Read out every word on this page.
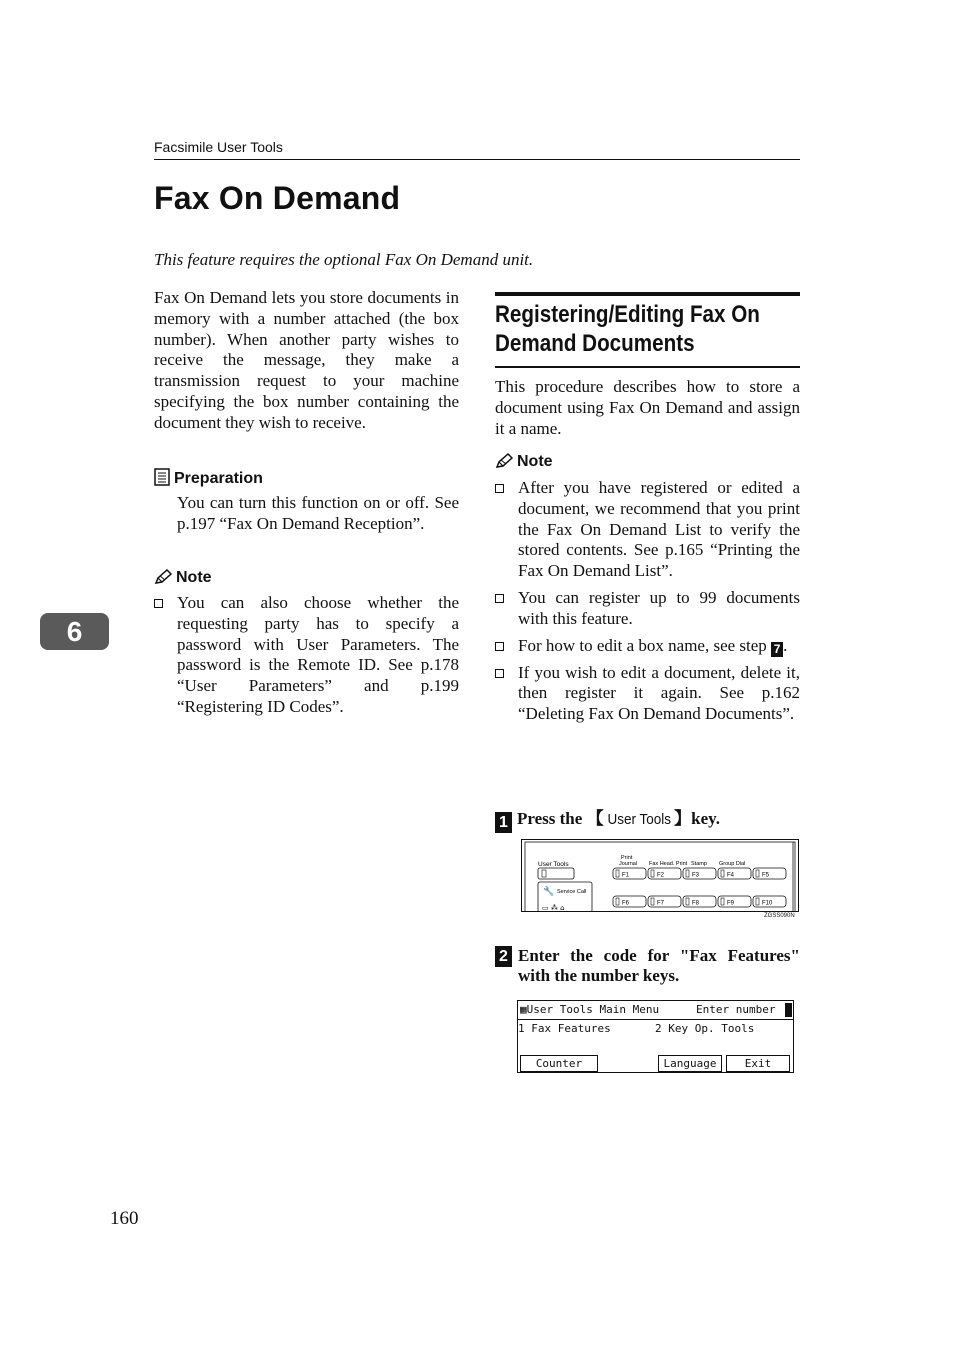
Facsimile User Tools
Fax On Demand
This feature requires the optional Fax On Demand unit.
Fax On Demand lets you store documents in memory with a number attached (the box number). When another party wishes to receive the message, they make a transmission request to your machine specifying the box number containing the document they wish to receive.
Preparation
You can turn this function on or off. See p.197 “Fax On Demand Reception”.
Note
You can also choose whether the requesting party has to specify a password with User Parameters. The password is the Remote ID. See p.178 “User Parameters” and p.199 “Registering ID Codes”.
Registering/Editing Fax On Demand Documents
This procedure describes how to store a document using Fax On Demand and assign it a name.
Note
After you have registered or edited a document, we recommend that you print the Fax On Demand List to verify the stored contents. See p.165 “Printing the Fax On Demand List”.
You can register up to 99 documents with this feature.
For how to edit a box name, see step 7 .
If you wish to edit a document, delete it, then register it again. See p.162 “Deleting Fax On Demand Documents”.
1 Press the 【 User Tools 】key.
User Tools
Print
Journal Fax Head. Print Stamp Group Dial
F1	F2	F3	F4	F5
F6	F7	F8	F9	F10
🔧 Service Call
▭ ⁂ ⌂
ZGSS090N
2 Enter the code for "Fax Features" with the number keys.
▦User Tools Main Menu	Enter number
1 Fax Features	2 Key Op. Tools
Counter	Language	Exit
6
160
